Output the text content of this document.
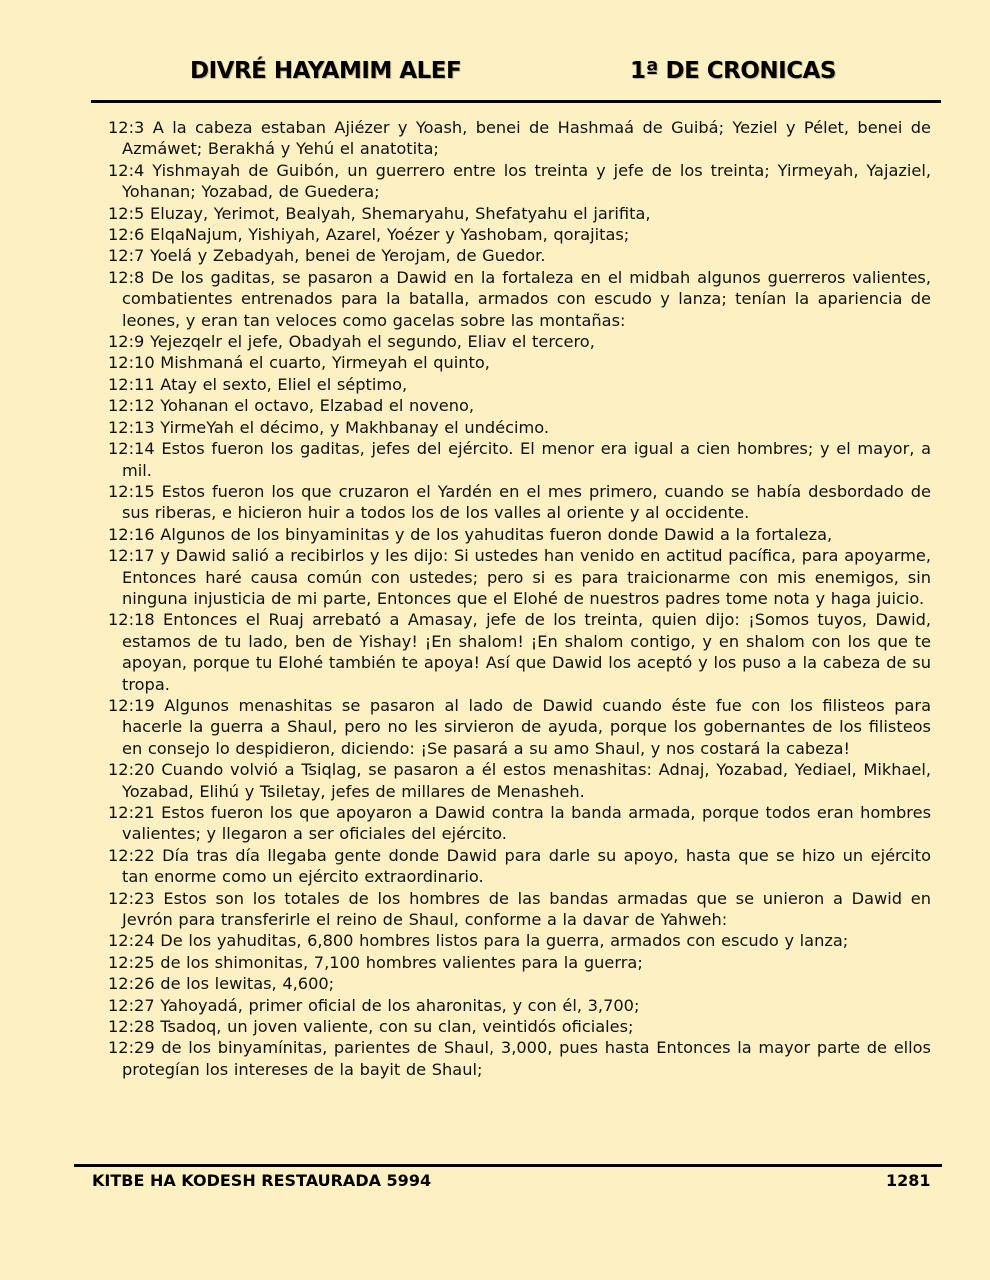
DIVRÉ HAYAMIM ALEF	1ª DE CRONICAS

12:3 A la cabeza estaban Ajiézer y Yoash, benei de Hashmaá de Guibá; Yeziel y Pélet, benei de Azmáwet; Berakhá y Yehú el anatotita;

12:4 Yishmayah de Guibón, un guerrero entre los treinta y jefe de los treinta; Yirmeyah, Yajaziel, Yohanan; Yozabad, de Guedera;

12:5 Eluzay, Yerimot, Bealyah, Shemaryahu, Shefatyahu el jarifita,

12:6 ElqaNajum, Yishiyah, Azarel, Yoézer y Yashobam, qorajitas;

12:7 Yoelá y Zebadyah, benei de Yerojam, de Guedor.

12:8 De los gaditas, se pasaron a Dawid en la fortaleza en el midbah algunos guerreros valientes, combatientes entrenados para la batalla, armados con escudo y lanza; tenían la apariencia de leones, y eran tan veloces como gacelas sobre las montañas:

12:9 Yejezqelr el jefe, Obadyah el segundo, Eliav el tercero,

12:10 Mishmaná el cuarto, Yirmeyah el quinto,

12:11 Atay el sexto, Eliel el séptimo,

12:12 Yohanan el octavo, Elzabad el noveno,

12:13 YirmeYah el décimo, y Makhbanay el undécimo.

12:14 Estos fueron los gaditas, jefes del ejército. El menor era igual a cien hombres; y el mayor, a mil.

12:15 Estos fueron los que cruzaron el Yardén en el mes primero, cuando se había desbordado de sus riberas, e hicieron huir a todos los de los valles al oriente y al occidente.

12:16 Algunos de los binyaminitas y de los yahuditas fueron donde Dawid a la fortaleza,

12:17 y Dawid salió a recibirlos y les dijo: Si ustedes han venido en actitud pacífica, para apoyarme, Entonces haré causa común con ustedes; pero si es para traicionarme con mis enemigos, sin ninguna injusticia de mi parte, Entonces que el Elohé de nuestros padres tome nota y haga juicio.

12:18 Entonces el Ruaj arrebató a Amasay, jefe de los treinta, quien dijo: ¡Somos tuyos, Dawid, estamos de tu lado, ben de Yishay! ¡En shalom! ¡En shalom contigo, y en shalom con los que te apoyan, porque tu Elohé también te apoya! Así que Dawid los aceptó y los puso a la cabeza de su tropa.

12:19 Algunos menashitas se pasaron al lado de Dawid cuando éste fue con los filisteos para hacerle la guerra a Shaul, pero no les sirvieron de ayuda, porque los gobernantes de los filisteos en consejo lo despidieron, diciendo: ¡Se pasará a su amo Shaul, y nos costará la cabeza!

12:20 Cuando volvió a Tsiqlag, se pasaron a él estos menashitas: Adnaj, Yozabad, Yediael, Mikhael, Yozabad, Elihú y Tsiletay, jefes de millares de Menasheh.

12:21 Estos fueron los que apoyaron a Dawid contra la banda armada, porque todos eran hombres valientes; y llegaron a ser oficiales del ejército.

12:22 Día tras día llegaba gente donde Dawid para darle su apoyo, hasta que se hizo un ejército tan enorme como un ejército extraordinario.

12:23 Estos son los totales de los hombres de las bandas armadas que se unieron a Dawid en Jevrón para transferirle el reino de Shaul, conforme a la davar de Yahweh:

12:24 De los yahuditas, 6,800 hombres listos para la guerra, armados con escudo y lanza;

12:25 de los shimonitas, 7,100 hombres valientes para la guerra;

12:26 de los lewitas, 4,600;

12:27 Yahoyadá, primer oficial de los aharonitas, y con él, 3,700;

12:28 Tsadoq, un joven valiente, con su clan, veintidós oficiales;

12:29 de los binyamínitas, parientes de Shaul, 3,000, pues hasta Entonces la mayor parte de ellos protegían los intereses de la bayit de Shaul;

KITBE HA KODESH RESTAURADA 5994	1281
